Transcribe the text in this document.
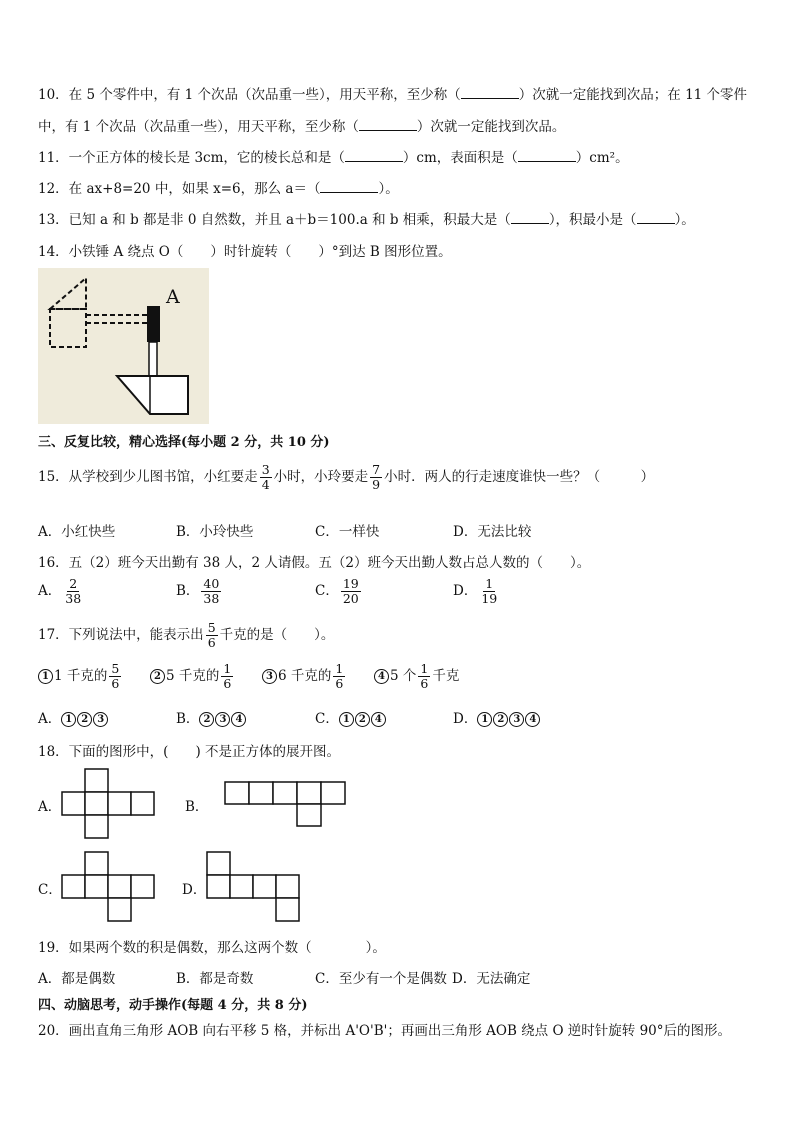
10．在 5 个零件中，有 1 个次品（次品重一些），用天平称，至少称（	）次就一定能找到次品；在 11 个零件
中，有 1 个次品（次品重一些），用天平称，至少称（	）次就一定能找到次品。
11．一个正方体的棱长是 3cm，它的棱长总和是（	）cm，表面积是（	）cm²。
12．在 ax+8=20 中，如果 x=6，那么 a＝（	）。
13．已知 a 和 b 都是非 0 自然数，并且 a＋b＝100.a 和 b 相乘，积最大是（	），积最小是（	）。
14．小铁锤 A 绕点 O（　　）时针旋转（　　）°到达 B 图形位置。
A
三、反复比较，精心选择(每小题 2 分，共 10 分)
15．从学校到少儿图书馆，小红要走 $\frac{3}{4}$ 小时，小玲要走 $\frac{7}{9}$ 小时．两人的行走速度谁快一些？（　　　）
A．小红快些	B．小玲快些	C．一样快	D．无法比较
16．五（2）班今天出勤有 38 人，2 人请假。五（2）班今天出勤人数占总人数的（　　）。
A． $\frac{2}{38}$	B． $\frac{40}{38}$	C． $\frac{19}{20}$	D． $\frac{1}{19}$
17．下列说法中，能表示出 $\frac{5}{6}$ 千克的是（　　）。
1 1 千克的 $\frac{5}{6}$	2 5 千克的 $\frac{1}{6}$	3 6 千克的 $\frac{1}{6}$	4 5 个 $\frac{1}{6}$ 千克
A． 1 2 3	B． 2 3 4	C． 1 2 4	D． 1 2 3 4
18．下面的图形中，(　　) 不是正方体的展开图。
A．	B．
C．	D．
19．如果两个数的积是偶数，那么这两个数（　　　　）。
A．都是偶数	B．都是奇数	C．至少有一个是偶数 D．无法确定
四、动脑思考，动手操作(每题 4 分，共 8 分)
20．画出直角三角形 AOB 向右平移 5 格，并标出 A'O'B'；再画出三角形 AOB 绕点 O 逆时针旋转 90°后的图形。
